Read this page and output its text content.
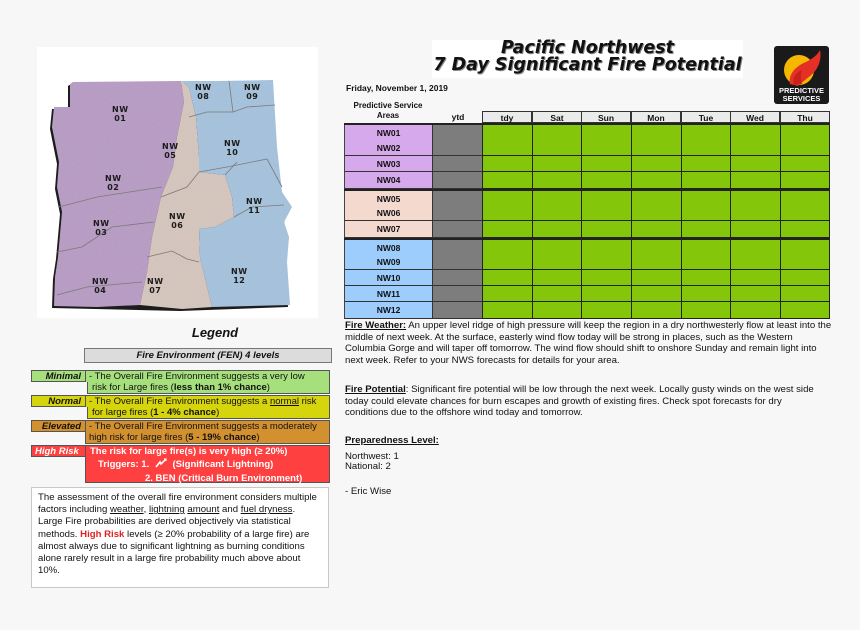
NW
01
NW
02
NW
03
NW
04
NW
05
NW
06
NW
07
NW
08
NW
09
NW
10
NW
11
NW
12
Legend
Fire Environment (FEN) 4 levels
Minimal - The Overall Fire Environment suggests a very low
risk for Large fires (less than 1% chance)
Normal - The Overall Fire Environment suggests a normal risk
for large fires (1 - 4% chance)
Elevated - The Overall Fire Environment suggests a moderately
high risk for large fires (5 - 19% chance)
High Risk	The risk for large fire(s) is very high (≥ 20%)
Triggers: 1. (Significant Lightning)
2. BEN (Critical Burn Environment)
The assessment of the overall fire environment considers multiple factors including weather, lightning amount and fuel dryness. Large Fire probabilities are derived objectively via statistical methods. High Risk levels (≥ 20% probability of a large fire) are almost always due to significant lightning as burning conditions alone rarely result in a large fire probability much above about 10%.
Pacific Northwest
7 Day Significant Fire Potential
PREDICTIVE
SERVICES
Friday, November 1, 2019
Predictive Service
Areas	ytd	tdy	Sat	Sun	Mon	Tue	Wed	Thu
NW01
NW02
NW03
NW04
NW05
NW06
NW07
NW08
NW09
NW10
NW11
NW12
Fire Weather: An upper level ridge of high pressure will keep the region in a dry northwesterly flow at least into the middle of next week. At the surface, easterly wind flow today will be strong in places, such as the Western Columbia Gorge and will taper off tomorrow. The wind flow should shift to onshore Sunday and remain light into next week. Refer to your NWS forecasts for details for your area.
Fire Potential: Significant fire potential will be low through the next week. Locally gusty winds on the west side today could elevate chances for burn escapes and growth of existing fires. Check spot forecasts for dry conditions due to the offshore wind today and tomorrow.
Preparedness Level:
Northwest: 1
National: 2
- Eric Wise
